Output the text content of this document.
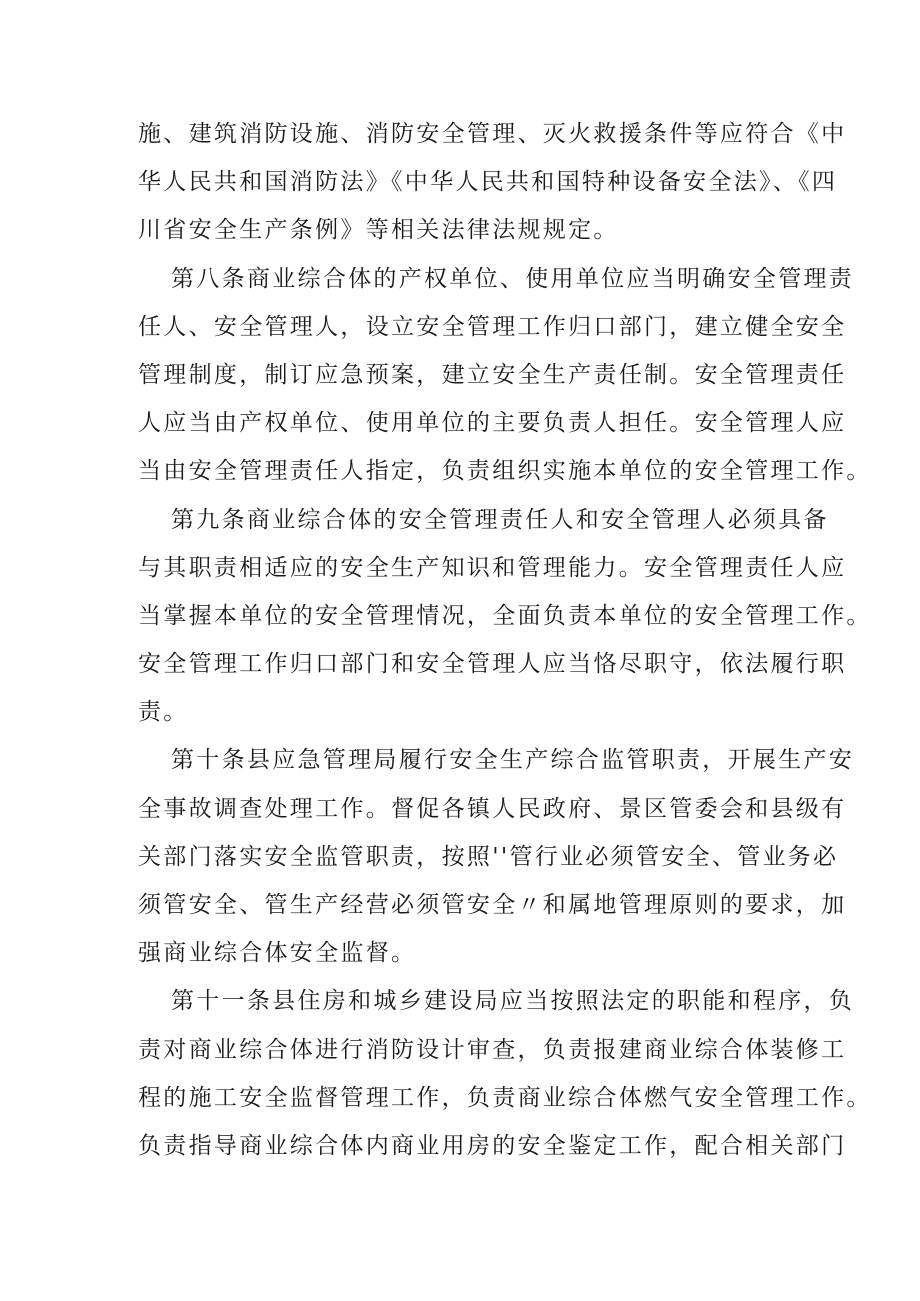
施、建筑消防设施、消防安全管理、灭火救援条件等应符合《中
华人民共和国消防法》《中华人民共和国特种设备安全法》、《四
川省安全生产条例》等相关法律法规规定。
第八条商业综合体的产权单位、使用单位应当明确安全管理责
任人、安全管理人，设立安全管理工作归口部门，建立健全安全
管理制度，制订应急预案，建立安全生产责任制。安全管理责任
人应当由产权单位、使用单位的主要负责人担任。安全管理人应
当由安全管理责任人指定，负责组织实施本单位的安全管理工作。
第九条商业综合体的安全管理责任人和安全管理人必须具备
与其职责相适应的安全生产知识和管理能力。安全管理责任人应
当掌握本单位的安全管理情况，全面负责本单位的安全管理工作。
安全管理工作归口部门和安全管理人应当恪尽职守，依法履行职
责。
第十条县应急管理局履行安全生产综合监管职责，开展生产安
全事故调查处理工作。督促各镇人民政府、景区管委会和县级有
关部门落实安全监管职责，按照''管行业必须管安全、管业务必
须管安全、管生产经营必须管安全〃和属地管理原则的要求，加
强商业综合体安全监督。
第十一条县住房和城乡建设局应当按照法定的职能和程序，负
责对商业综合体进行消防设计审查，负责报建商业综合体装修工
程的施工安全监督管理工作，负责商业综合体燃气安全管理工作。
负责指导商业综合体内商业用房的安全鉴定工作，配合相关部门
